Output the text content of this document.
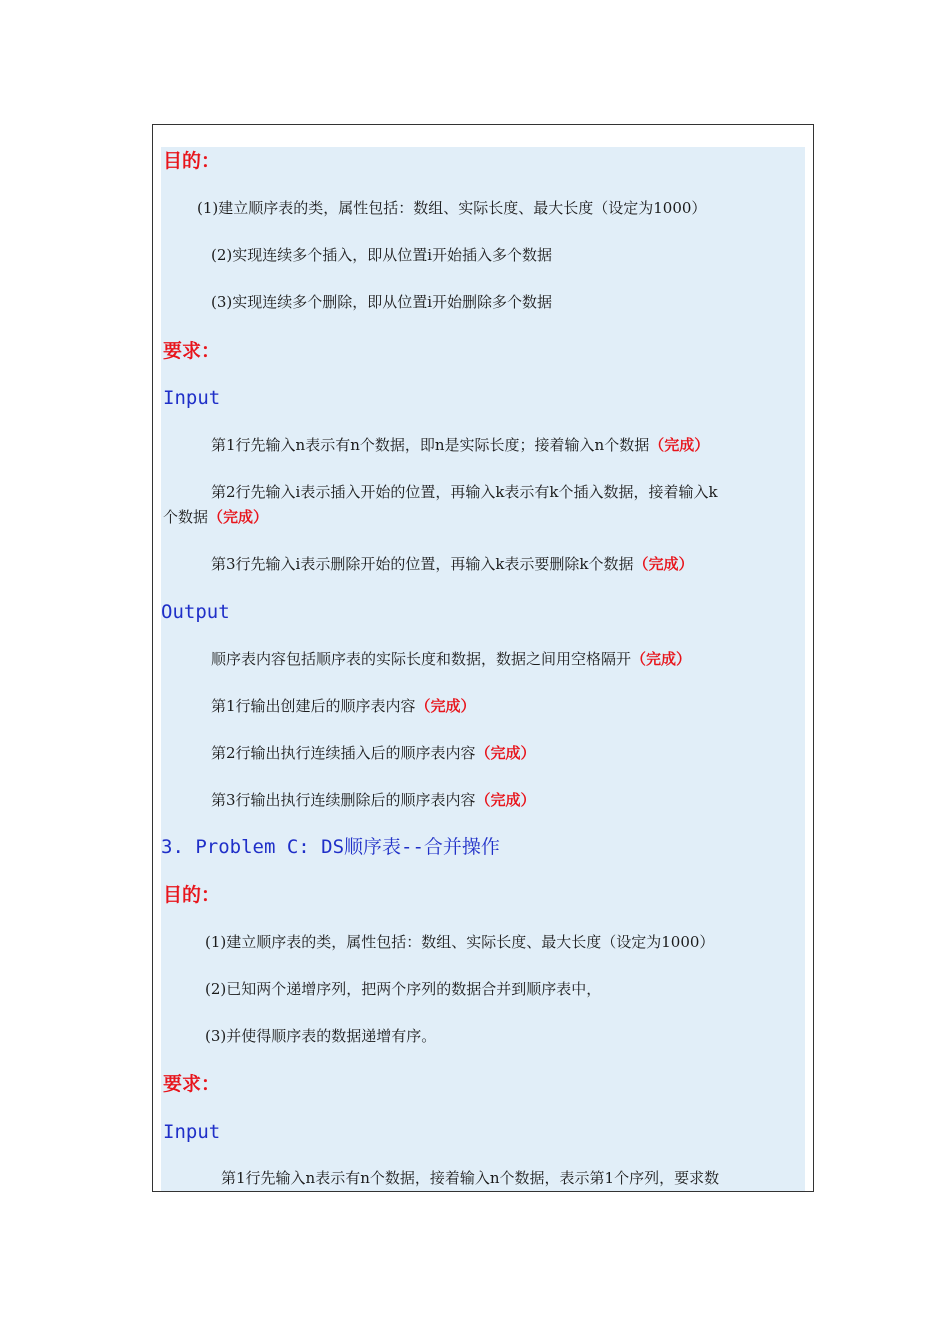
目的：
(1)建立顺序表的类，属性包括：数组、实际长度、最大长度（设定为1000）
(2)实现连续多个插入，即从位置i开始插入多个数据
(3)实现连续多个删除，即从位置i开始删除多个数据
要求：
Input
第1行先输入n表示有n个数据，即n是实际长度；接着输入n个数据（完成）
第2行先输入i表示插入开始的位置，再输入k表示有k个插入数据，接着输入k
个数据（完成）
第3行先输入i表示删除开始的位置，再输入k表示要删除k个数据（完成）
Output
顺序表内容包括顺序表的实际长度和数据，数据之间用空格隔开（完成）
第1行输出创建后的顺序表内容（完成）
第2行输出执行连续插入后的顺序表内容（完成）
第3行输出执行连续删除后的顺序表内容（完成）
3. Problem C: DS顺序表--合并操作
目的：
(1)建立顺序表的类，属性包括：数组、实际长度、最大长度（设定为1000）
(2)已知两个递增序列，把两个序列的数据合并到顺序表中，
(3)并使得顺序表的数据递增有序。
要求：
Input
第1行先输入n表示有n个数据，接着输入n个数据，表示第1个序列，要求数
